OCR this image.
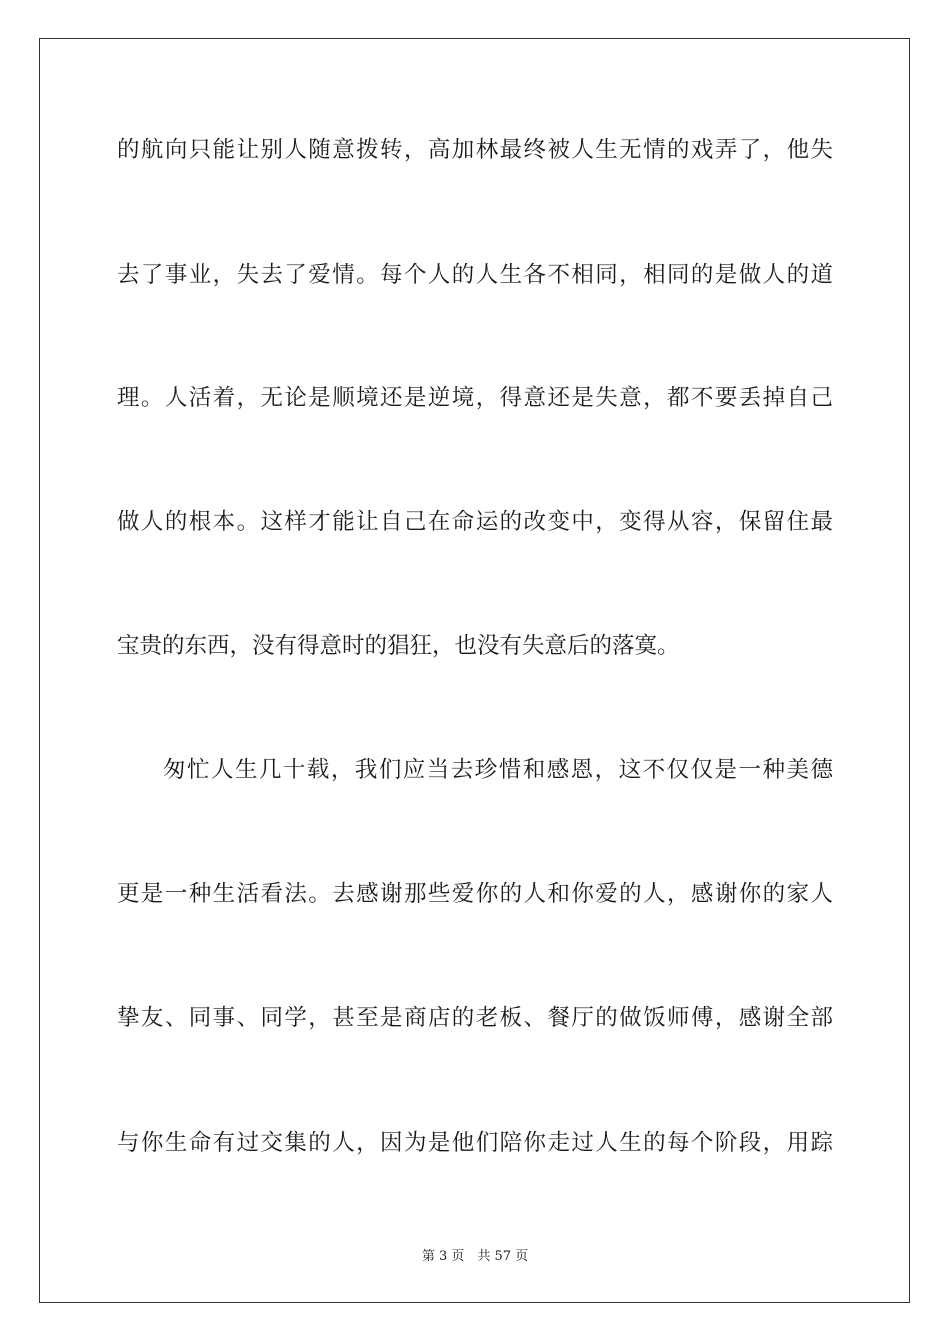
的航向只能让别人随意拨转，高加林最终被人生无情的戏弄了，他失
去了事业，失去了爱情。每个人的人生各不相同，相同的是做人的道
理。人活着，无论是顺境还是逆境，得意还是失意，都不要丢掉自己
做人的根本。这样才能让自己在命运的改变中，变得从容，保留住最
宝贵的东西，没有得意时的猖狂，也没有失意后的落寞。
匆忙人生几十载，我们应当去珍惜和感恩，这不仅仅是一种美德
更是一种生活看法。去感谢那些爱你的人和你爱的人，感谢你的家人
挚友、同事、同学，甚至是商店的老板、餐厅的做饭师傅，感谢全部
与你生命有过交集的人，因为是他们陪你走过人生的每个阶段，用踪
第 3 页　共 57 页
